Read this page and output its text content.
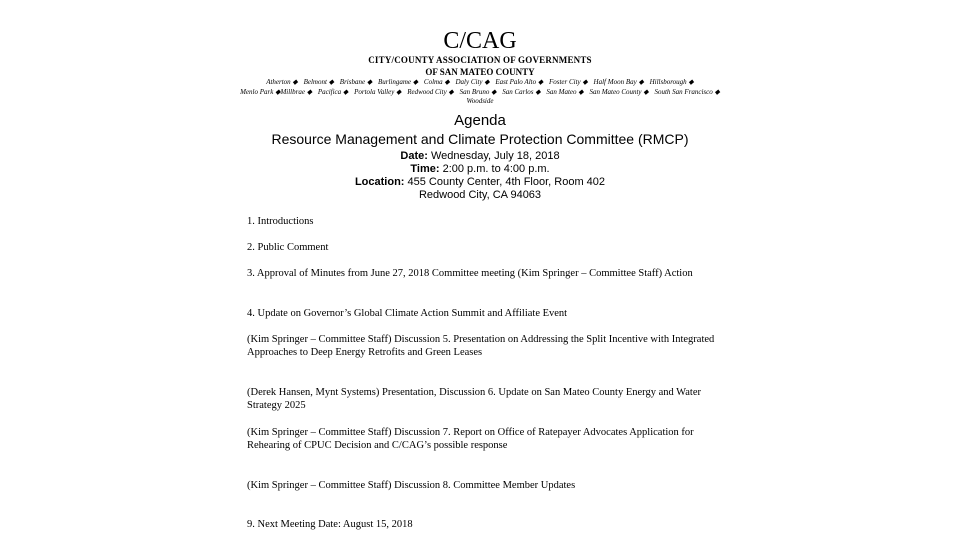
C/CAG
CITY/COUNTY ASSOCIATION OF GOVERNMENTS
OF SAN MATEO COUNTY
Atherton ◆ Belmont ◆ Brisbane ◆ Burlingame ◆ Colma ◆ Daly City ◆ East Palo Alto ◆ Foster City ◆ Half Moon Bay ◆ Hillsborough ◆ Menlo Park ◆Millbrae ◆ Pacifica ◆ Portola Valley ◆ Redwood City ◆ San Bruno ◆ San Carlos ◆ San Mateo ◆ San Mateo County ◆ South San Francisco ◆ Woodside
Agenda
Resource Management and Climate Protection Committee (RMCP)
Date: Wednesday, July 18, 2018
Time: 2:00 p.m. to 4:00 p.m.
Location: 455 County Center, 4th Floor, Room 402
Redwood City, CA 94063
1. Introductions
2. Public Comment
3. Approval of Minutes from June 27, 2018 Committee meeting (Kim Springer – Committee Staff) Action
4. Update on Governor’s Global Climate Action Summit and Affiliate Event
(Kim Springer – Committee Staff) Discussion 5. Presentation on Addressing the Split Incentive with Integrated Approaches to Deep Energy Retrofits and Green Leases
(Derek Hansen, Mynt Systems) Presentation, Discussion 6. Update on San Mateo County Energy and Water Strategy 2025
(Kim Springer – Committee Staff) Discussion 7. Report on Office of Ratepayer Advocates Application for Rehearing of CPUC Decision and C/CAG’s possible response
(Kim Springer – Committee Staff) Discussion 8. Committee Member Updates
9. Next Meeting Date: August 15, 2018
